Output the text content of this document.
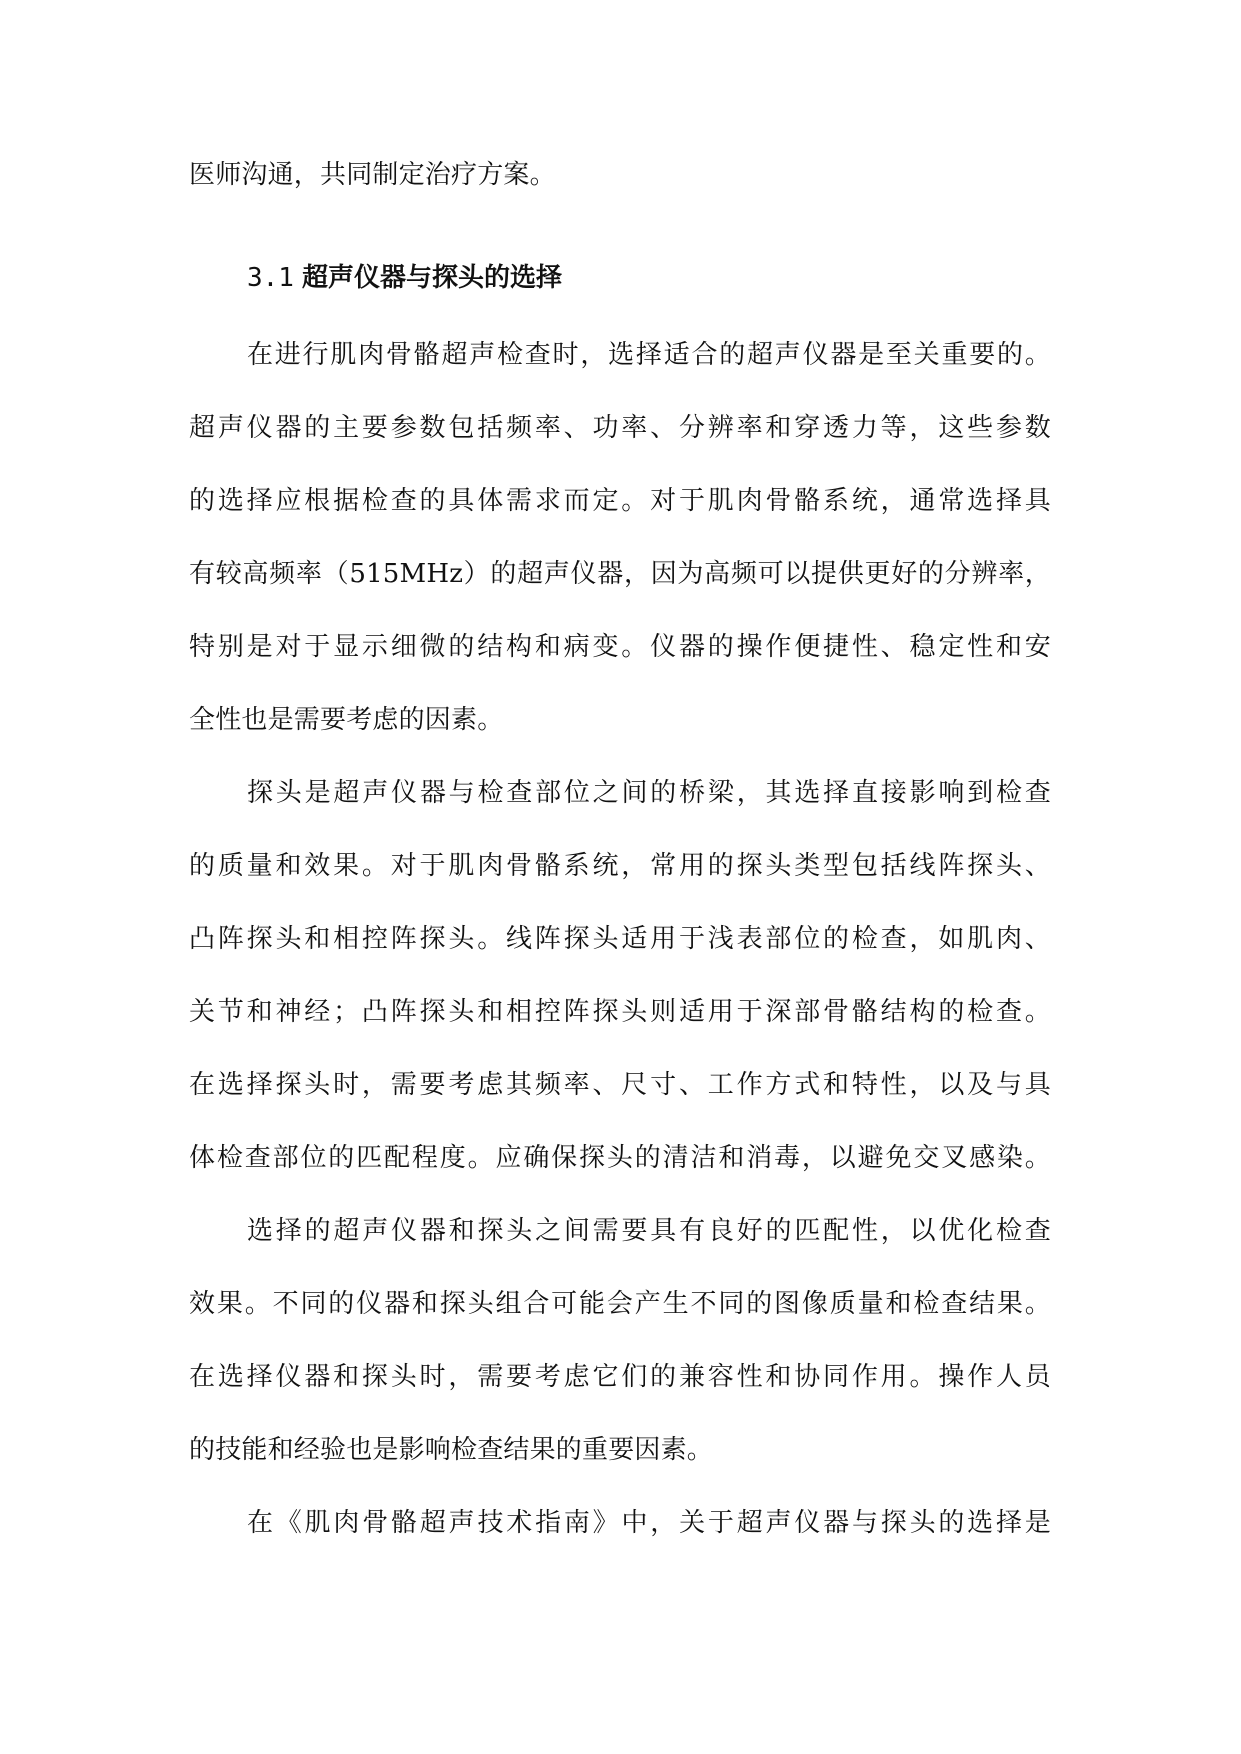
医师沟通，共同制定治疗方案。
3.1 超声仪器与探头的选择
在进行肌肉骨骼超声检查时，选择适合的超声仪器是至关重要的。
超声仪器的主要参数包括频率、功率、分辨率和穿透力等，这些参数
的选择应根据检查的具体需求而定。对于肌肉骨骼系统，通常选择具
有较高频率（515MHz）的超声仪器，因为高频可以提供更好的分辨率，
特别是对于显示细微的结构和病变。仪器的操作便捷性、稳定性和安
全性也是需要考虑的因素。
探头是超声仪器与检查部位之间的桥梁，其选择直接影响到检查
的质量和效果。对于肌肉骨骼系统，常用的探头类型包括线阵探头、
凸阵探头和相控阵探头。线阵探头适用于浅表部位的检查，如肌肉、
关节和神经；凸阵探头和相控阵探头则适用于深部骨骼结构的检查。
在选择探头时，需要考虑其频率、尺寸、工作方式和特性，以及与具
体检查部位的匹配程度。应确保探头的清洁和消毒，以避免交叉感染。
选择的超声仪器和探头之间需要具有良好的匹配性，以优化检查
效果。不同的仪器和探头组合可能会产生不同的图像质量和检查结果。
在选择仪器和探头时，需要考虑它们的兼容性和协同作用。操作人员
的技能和经验也是影响检查结果的重要因素。
在《肌肉骨骼超声技术指南》中，关于超声仪器与探头的选择是
